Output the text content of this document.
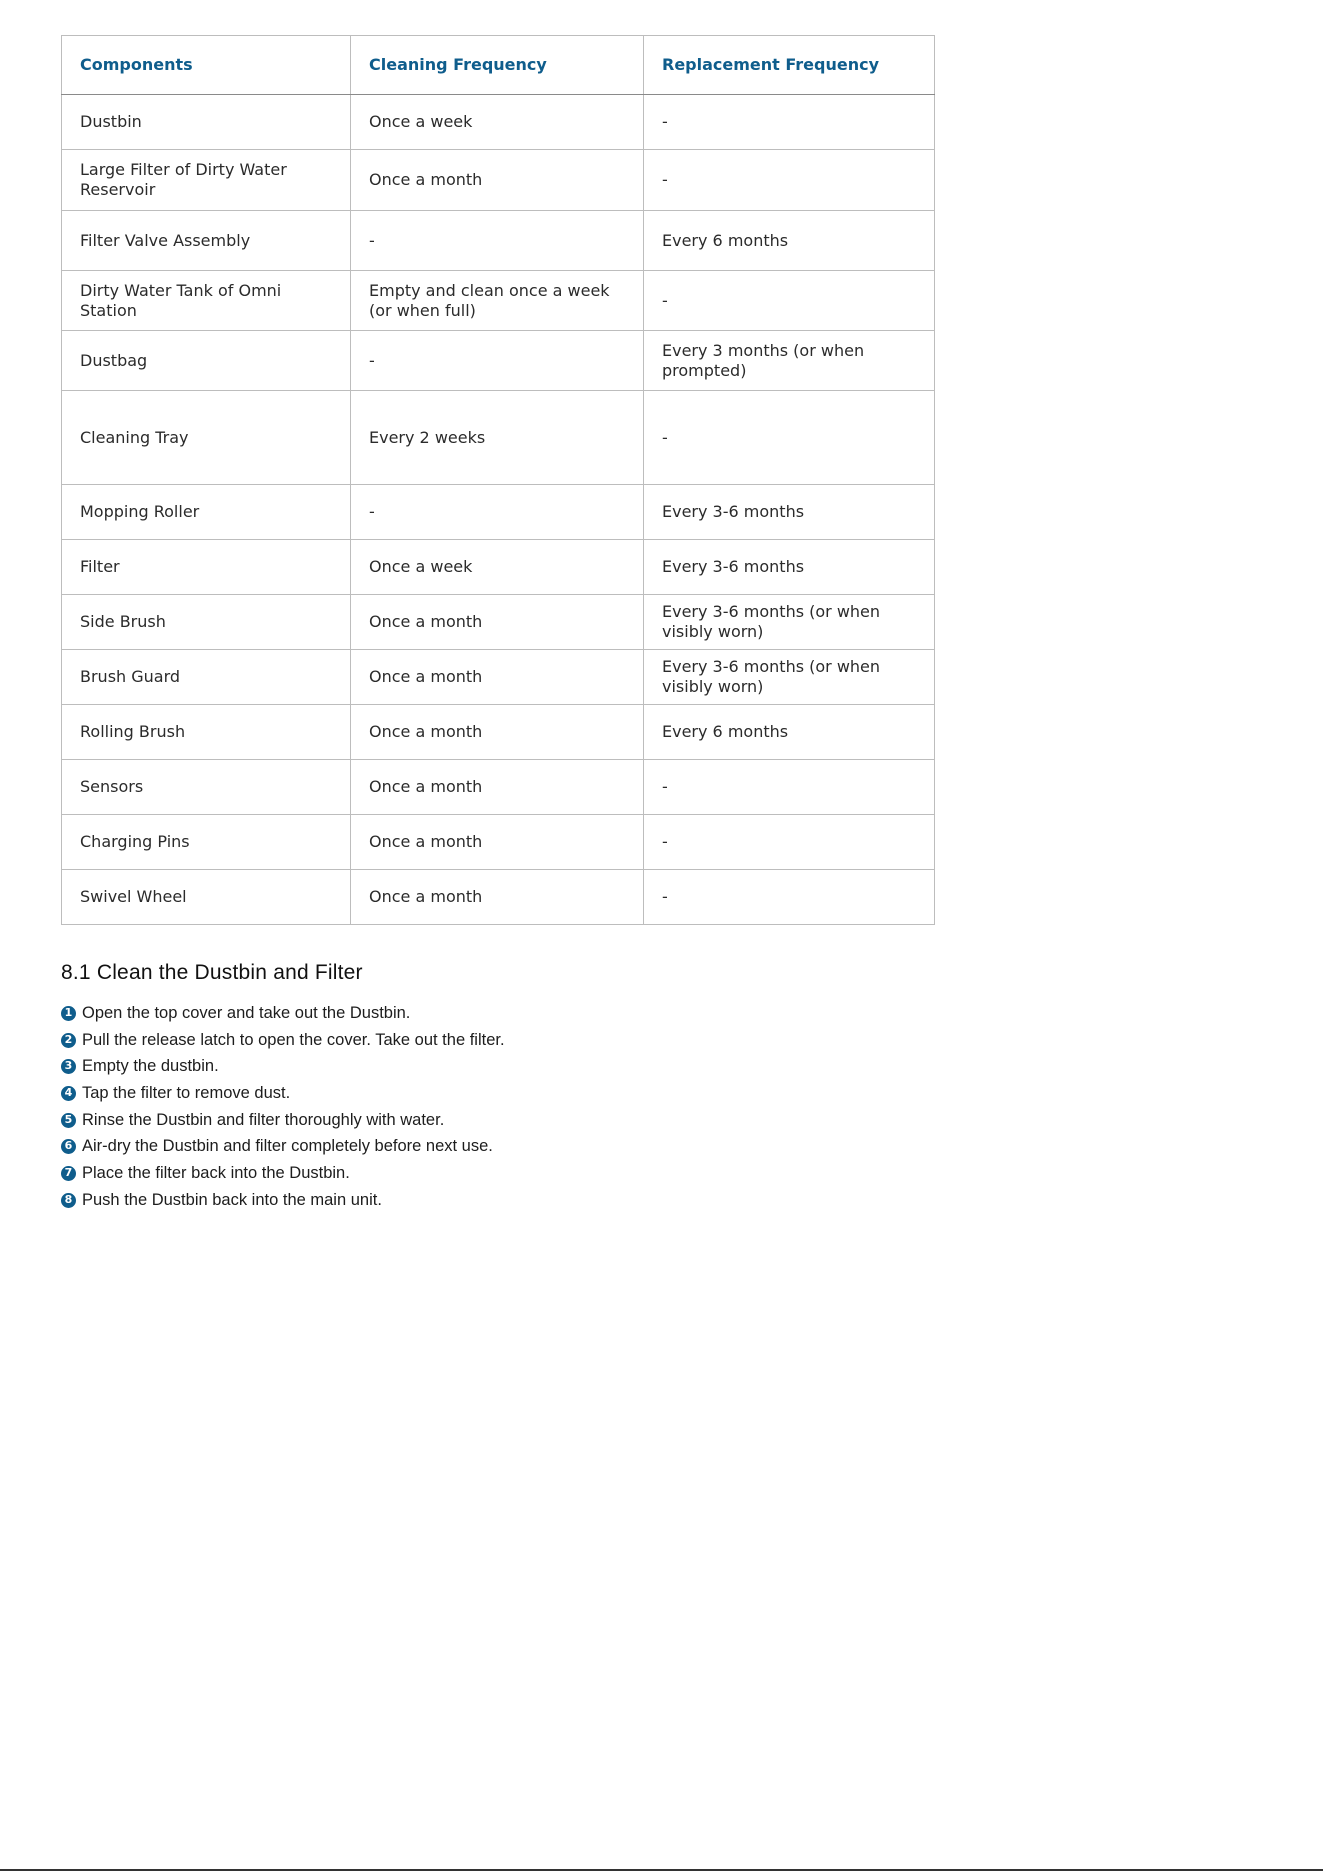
Components	Cleaning Frequency	Replacement Frequency
Dustbin	Once a week	-
Large Filter of Dirty Water Reservoir	Once a month	-
Filter Valve Assembly	-	Every 6 months
Dirty Water Tank of Omni Station	Empty and clean once a week (or when full)	-
Dustbag	-	Every 3 months (or when prompted)
Cleaning Tray	Every 2 weeks	-
Mopping Roller	-	Every 3-6 months
Filter	Once a week	Every 3-6 months
Side Brush	Once a month	Every 3-6 months (or when visibly worn)
Brush Guard	Once a month	Every 3-6 months (or when visibly worn)
Rolling Brush	Once a month	Every 6 months
Sensors	Once a month	-
Charging Pins	Once a month	-
Swivel Wheel	Once a month	-
8.1 Clean the Dustbin and Filter
1 Open the top cover and take out the Dustbin.
2 Pull the release latch to open the cover. Take out the filter.
3 Empty the dustbin.
4 Tap the filter to remove dust.
5 Rinse the Dustbin and filter thoroughly with water.
6 Air-dry the Dustbin and filter completely before next use.
7 Place the filter back into the Dustbin.
8 Push the Dustbin back into the main unit.
